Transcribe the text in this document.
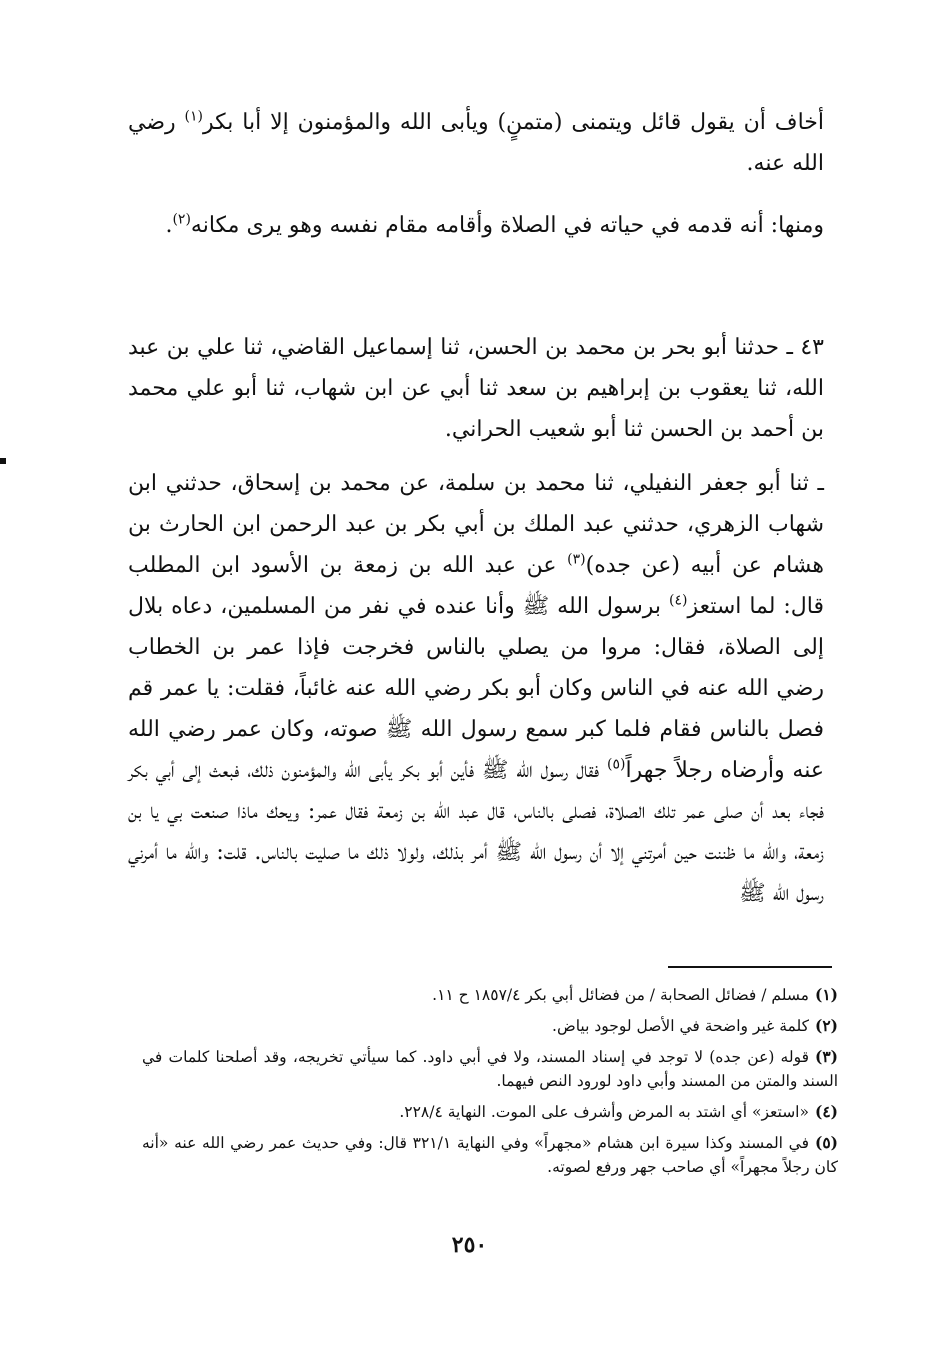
أخاف أن يقول قائل ويتمنى (متمنٍ) ويأبى الله والمؤمنون إلا أبا بكر$^{(١)}$ رضي الله عنه.

ومنها: أنه قدمه في حياته في الصلاة وأقامه مقام نفسه وهو يرى مكانه$^{(٢)}$.

٤٣ ـ حدثنا أبو بحر بن محمد بن الحسن، ثنا إسماعيل القاضي، ثنا علي بن عبد الله، ثنا يعقوب بن إبراهيم بن سعد ثنا أبي عن ابن شهاب، ثنا أبو علي محمد بن أحمد بن الحسن ثنا أبو شعيب الحراني.

ـ ثنا أبو جعفر النفيلي، ثنا محمد بن سلمة، عن محمد بن إسحاق، حدثني ابن شهاب الزهري، حدثني عبد الملك بن أبي بكر بن عبد الرحمن ابن الحارث بن هشام عن أبيه (عن جده)$^{(٣)}$ عن عبد الله بن زمعة بن الأسود ابن المطلب قال: لما استعز$^{(٤)}$ برسول الله ﷺ وأنا عنده في نفر من المسلمين، دعاه بلال إلى الصلاة، فقال: مروا من يصلي بالناس فخرجت فإذا عمر بن الخطاب رضي الله عنه في الناس وكان أبو بكر رضي الله عنه غائباً، فقلت: يا عمر قم فصل بالناس فقام فلما كبر سمع رسول الله ﷺ صوته، وكان عمر رضي الله عنه وأرضاه رجلاً جهراً$^{(٥)}$ فقال رسول الله ﷺ فأين أبو بكر يأبى الله والمؤمنون ذلك، فبعث إلى أبي بكر فجاء بعد أن صلى عمر تلك الصلاة، فصلى بالناس، قال عبد الله بن زمعة فقال عمر: ويحك ماذا صنعت بي يا بن زمعة، والله ما ظننت حين أمرتني إلا أن رسول الله ﷺ أمر بذلك، ولولا ذلك ما صليت بالناس. قلت: والله ما أمرني رسول الله ﷺ

(١)مسلم / فضائل الصحابة / من فضائل أبي بكر ١٨٥٧/٤ ح ١١.
(٢)كلمة غير واضحة في الأصل لوجود بياض.
(٣)قوله (عن جده) لا توجد في إسناد المسند، ولا في أبي داود. كما سيأتي تخريجه، وقد أصلحنا كلمات في السند والمتن من المسند وأبي داود لورود النص فيهما.
(٤)«استعز» أي اشتد به المرض وأشرف على الموت. النهاية ٢٢٨/٤.
(٥)في المسند وكذا سيرة ابن هشام «مجهراً» وفي النهاية ٣٢١/١ قال: وفي حديث عمر رضي الله عنه «أنه كان رجلاً مجهراً» أي صاحب جهر ورفع لصوته.
٢٥٠
